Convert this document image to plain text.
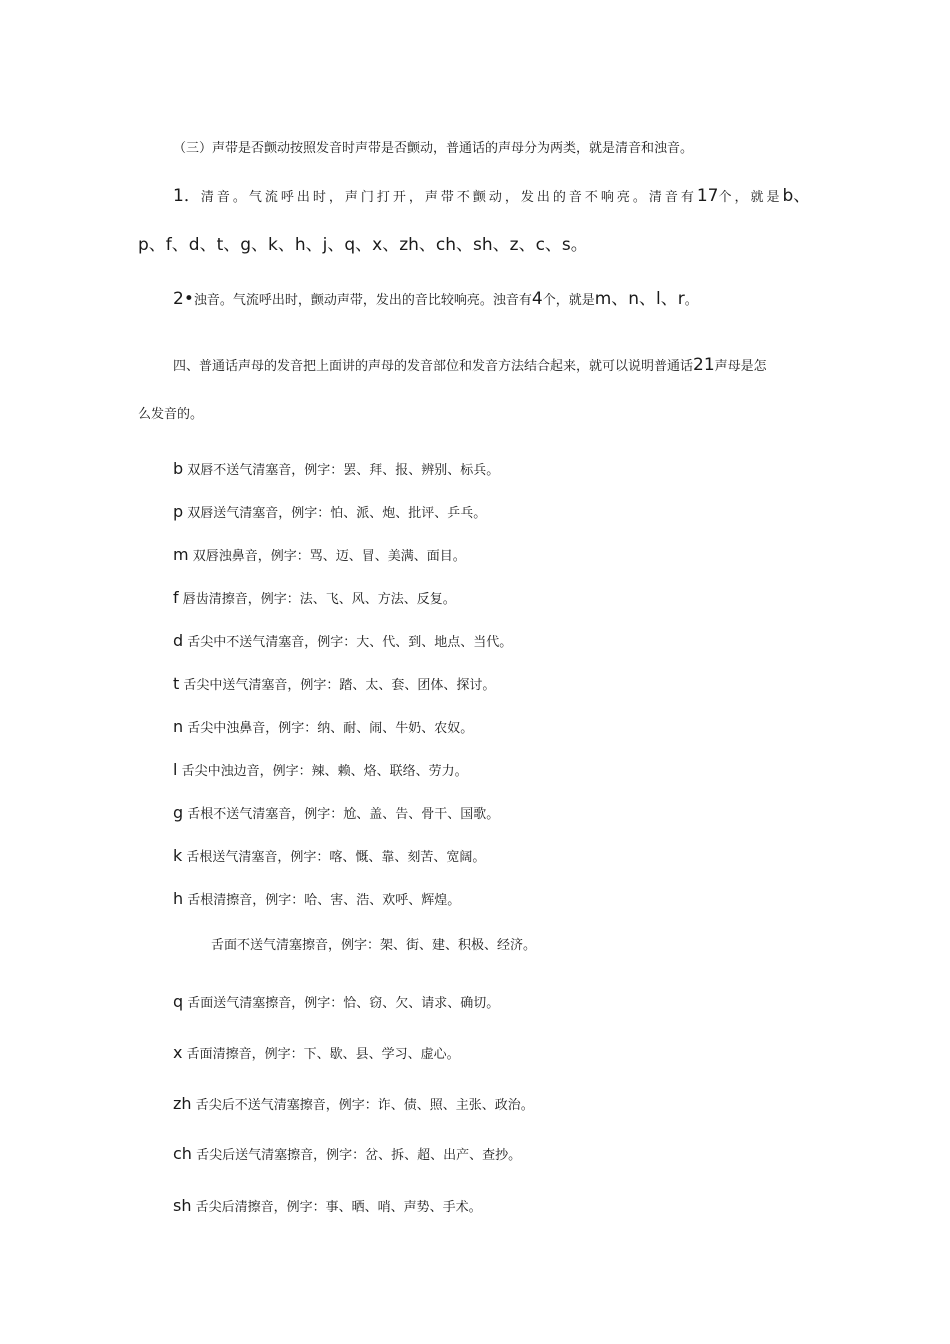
（三）声带是否颤动按照发音时声带是否颤动，普通话的声母分为两类，就是清音和浊音。
1．清音。气流呼出时，声门打开，声带不颤动，发出的音不响亮。清音有17个，就是b、
p、f、d、t、g、k、h、j、q、x、zh、ch、sh、z、c、s。
2•浊音。气流呼出时，颤动声带，发出的音比较响亮。浊音有4个，就是m、n、l、r。
四、普通话声母的发音把上面讲的声母的发音部位和发音方法结合起来，就可以说明普通话21声母是怎
么发音的。
b 双唇不送气清塞音，例字：罢、拜、报、辨别、标兵。
p 双唇送气清塞音，例字：怕、派、炮、批评、乒乓。
m 双唇浊鼻音，例字：骂、迈、冒、美满、面目。
f 唇齿清擦音，例字：法、飞、风、方法、反复。
d 舌尖中不送气清塞音，例字：大、代、到、地点、当代。
t 舌尖中送气清塞音，例字：踏、太、套、团体、探讨。
n 舌尖中浊鼻音，例字：纳、耐、闹、牛奶、农奴。
l 舌尖中浊边音，例字：辣、赖、烙、联络、劳力。
g 舌根不送气清塞音，例字：尬、盖、告、骨干、国歌。
k 舌根送气清塞音，例字：喀、慨、靠、刻苦、宽阔。
h 舌根清擦音，例字：哈、害、浩、欢呼、辉煌。
舌面不送气清塞擦音，例字：架、街、建、积极、经济。
q 舌面送气清塞擦音，例字：恰、窃、欠、请求、确切。
x 舌面清擦音，例字：下、歇、县、学习、虚心。
zh 舌尖后不送气清塞擦音，例字：诈、债、照、主张、政治。
ch 舌尖后送气清塞擦音，例字：岔、拆、超、出产、查抄。
sh 舌尖后清擦音，例字：事、晒、哨、声势、手术。
